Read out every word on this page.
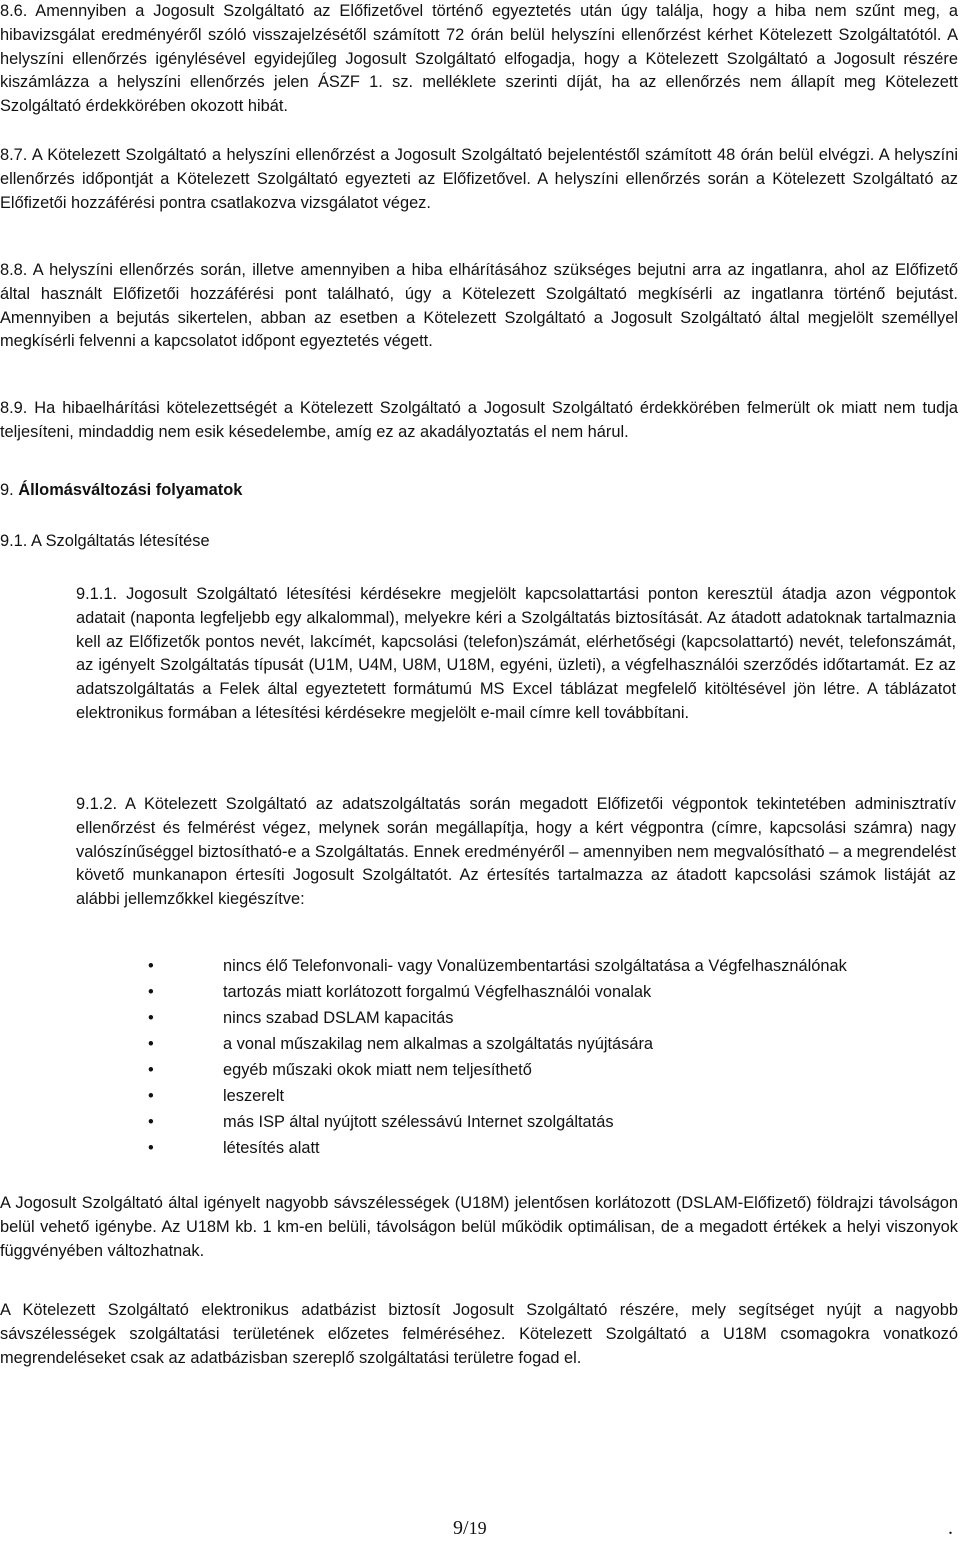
8.6. Amennyiben a Jogosult Szolgáltató az Előfizetővel történő egyeztetés után úgy találja, hogy a hiba nem szűnt meg, a hibavizsgálat eredményéről szóló visszajelzésétől számított 72 órán belül helyszíni ellenőrzést kérhet Kötelezett Szolgáltatótól. A helyszíni ellenőrzés igénylésével egyidejűleg Jogosult Szolgáltató elfogadja, hogy a Kötelezett Szolgáltató a Jogosult részére kiszámlázza a helyszíni ellenőrzés jelen ÁSZF 1. sz. melléklete szerinti díját, ha az ellenőrzés nem állapít meg Kötelezett Szolgáltató érdekkörében okozott hibát.

8.7. A Kötelezett Szolgáltató a helyszíni ellenőrzést a Jogosult Szolgáltató bejelentéstől számított 48 órán belül elvégzi. A helyszíni ellenőrzés időpontját a Kötelezett Szolgáltató egyezteti az Előfizetővel. A helyszíni ellenőrzés során a Kötelezett Szolgáltató az Előfizetői hozzáférési pontra csatlakozva vizsgálatot végez.

8.8. A helyszíni ellenőrzés során, illetve amennyiben a hiba elhárításához szükséges bejutni arra az ingatlanra, ahol az Előfizető által használt Előfizetői hozzáférési pont található, úgy a Kötelezett Szolgáltató megkísérli az ingatlanra történő bejutást. Amennyiben a bejutás sikertelen, abban az esetben a Kötelezett Szolgáltató a Jogosult Szolgáltató által megjelölt személlyel megkísérli felvenni a kapcsolatot időpont egyeztetés végett.

8.9. Ha hibaelhárítási kötelezettségét a Kötelezett Szolgáltató a Jogosult Szolgáltató érdekkörében felmerült ok miatt nem tudja teljesíteni, mindaddig nem esik késedelembe, amíg ez az akadályoztatás el nem hárul.

9. Állomásváltozási folyamatok

9.1. A Szolgáltatás létesítése

9.1.1. Jogosult Szolgáltató létesítési kérdésekre megjelölt kapcsolattartási ponton keresztül átadja azon végpontok adatait (naponta legfeljebb egy alkalommal), melyekre kéri a Szolgáltatás biztosítását. Az átadott adatoknak tartalmaznia kell az Előfizetők pontos nevét, lakcímét, kapcsolási (telefon)számát, elérhetőségi (kapcsolattartó) nevét, telefonszámát, az igényelt Szolgáltatás típusát (U1M, U4M, U8M, U18M, egyéni, üzleti), a végfelhasználói szerződés időtartamát. Ez az adatszolgáltatás a Felek által egyeztetett formátumú MS Excel táblázat megfelelő kitöltésével jön létre. A táblázatot elektronikus formában a létesítési kérdésekre megjelölt e-mail címre kell továbbítani.

9.1.2. A Kötelezett Szolgáltató az adatszolgáltatás során megadott Előfizetői végpontok tekintetében adminisztratív ellenőrzést és felmérést végez, melynek során megállapítja, hogy a kért végpontra (címre, kapcsolási számra) nagy valószínűséggel biztosítható-e a Szolgáltatás. Ennek eredményéről – amennyiben nem megvalósítható – a megrendelést követő munkanapon értesíti Jogosult Szolgáltatót. Az értesítés tartalmazza az átadott kapcsolási számok listáját az alábbi jellemzőkkel kiegészítve:

•	nincs élő Telefonvonali- vagy Vonalüzembentartási szolgáltatása a Végfelhasználónak
•	tartozás miatt korlátozott forgalmú Végfelhasználói vonalak
•	nincs szabad DSLAM kapacitás
•	a vonal műszakilag nem alkalmas a szolgáltatás nyújtására
•	egyéb műszaki okok miatt nem teljesíthető
•	leszerelt
•	más ISP által nyújtott szélessávú Internet szolgáltatás
•	létesítés alatt

A Jogosult Szolgáltató által igényelt nagyobb sávszélességek (U18M) jelentősen korlátozott (DSLAM-Előfizető) földrajzi távolságon belül vehető igénybe. Az U18M kb. 1 km-en belüli, távolságon belül működik optimálisan, de a megadott értékek a helyi viszonyok függvényében változhatnak.

A Kötelezett Szolgáltató elektronikus adatbázist biztosít Jogosult Szolgáltató részére, mely segítséget nyújt a nagyobb sávszélességek szolgáltatási területének előzetes felméréséhez. Kötelezett Szolgáltató a U18M csomagokra vonatkozó megrendeléseket csak az adatbázisban szereplő szolgáltatási területre fogad el.

9/19	.
